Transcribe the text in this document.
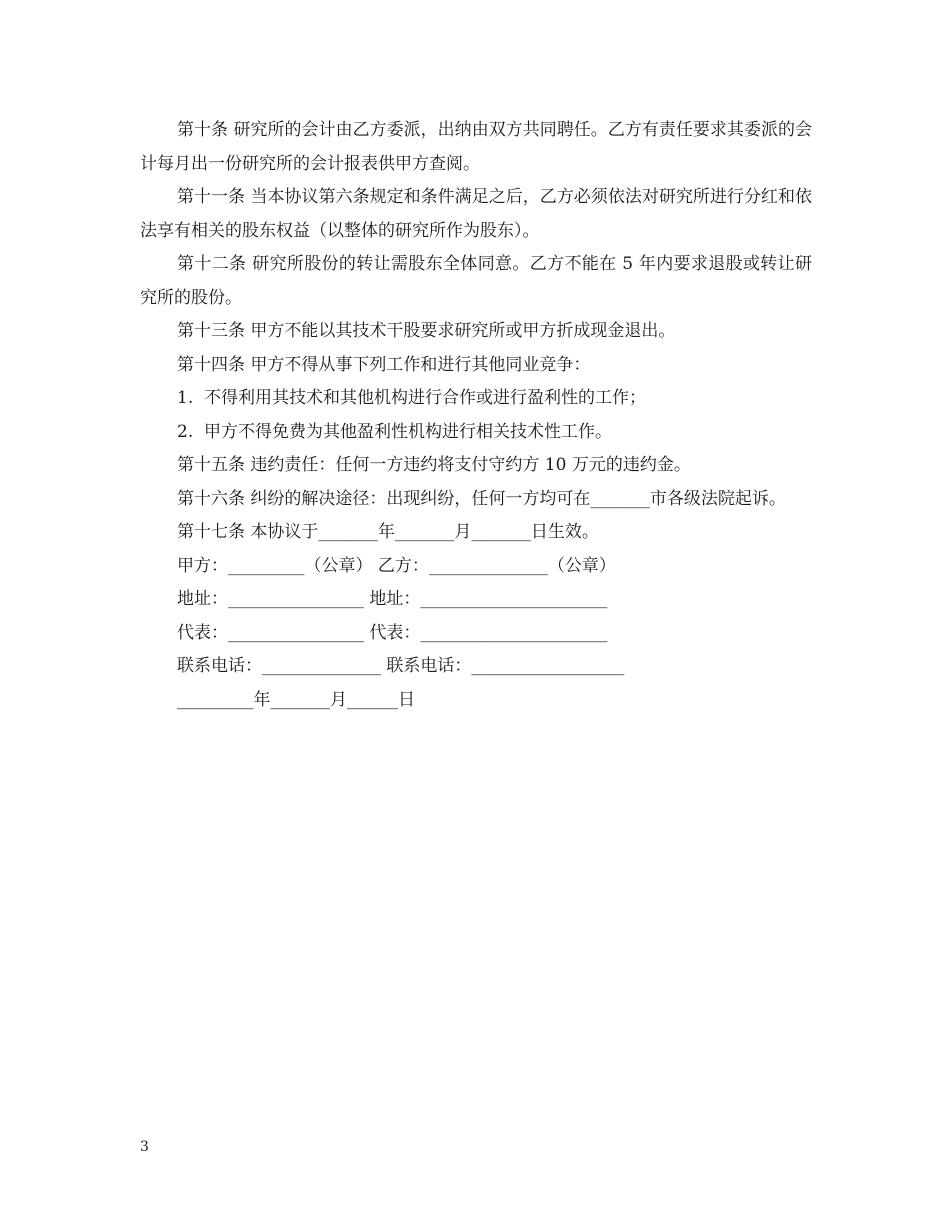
第十条 研究所的会计由乙方委派，出纳由双方共同聘任。乙方有责任要求其委派的会计每月出一份研究所的会计报表供甲方查阅。

第十一条 当本协议第六条规定和条件满足之后，乙方必须依法对研究所进行分红和依法享有相关的股东权益（以整体的研究所作为股东）。

第十二条 研究所股份的转让需股东全体同意。乙方不能在 5 年内要求退股或转让研究所的股份。

第十三条 甲方不能以其技术干股要求研究所或甲方折成现金退出。

第十四条 甲方不得从事下列工作和进行其他同业竞争：

1.  不得利用其技术和其他机构进行合作或进行盈利性的工作；

2.  甲方不得免费为其他盈利性机构进行相关技术性工作。

第十五条 违约责任：任何一方违约将支付守约方 10 万元的违约金。

第十六条 纠纷的解决途径：出现纠纷，任何一方均可在_______市各级法院起诉。

第十七条 本协议于_______年_______月_______日生效。

甲方：_________（公章） 乙方：______________（公章）

地址：________________ 地址：______________________

代表：________________ 代表：______________________

联系电话：______________ 联系电话：__________________

_________年_______月______日

3
